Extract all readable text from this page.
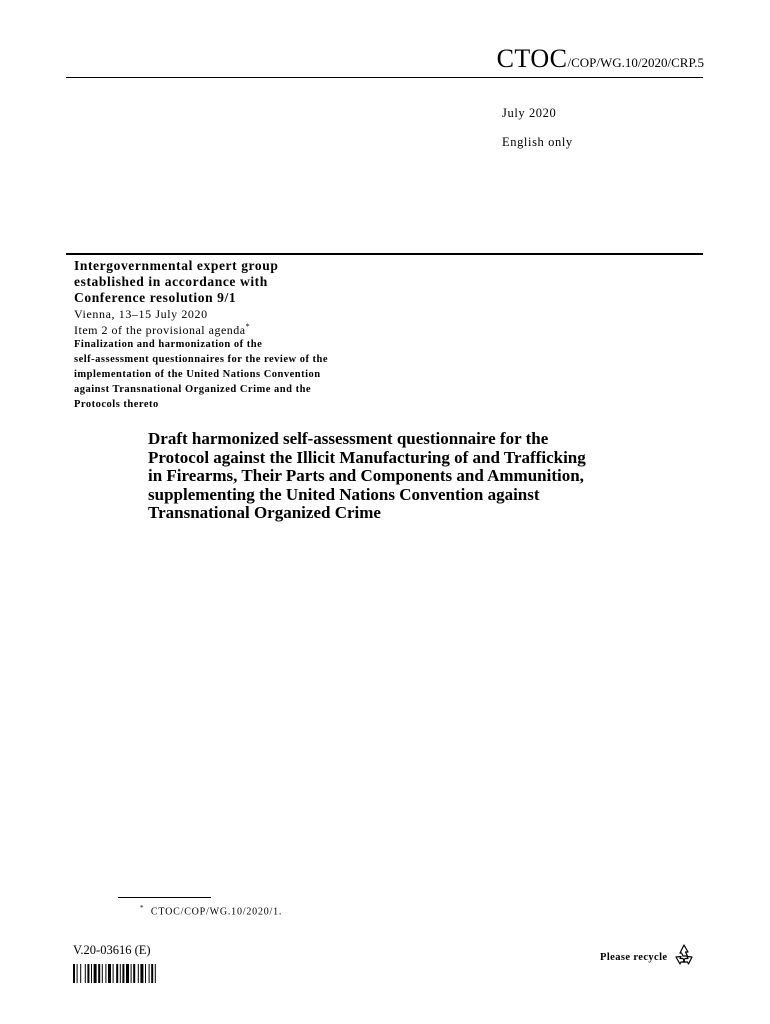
CTOC/COP/WG.10/2020/CRP.5
July 2020
English only
Intergovernmental expert group
established in accordance with
Conference resolution 9/1
Vienna, 13–15 July 2020
Item 2 of the provisional agenda*
Finalization and harmonization of the
self-assessment questionnaires for the review of the
implementation of the United Nations Convention
against Transnational Organized Crime and the
Protocols thereto
Draft harmonized self-assessment questionnaire for the
Protocol against the Illicit Manufacturing of and Trafficking
in Firearms, Their Parts and Components and Ammunition,
supplementing the United Nations Convention against
Transnational Organized Crime
* CTOC/COP/WG.10/2020/1.
V.20-03616 (E)
Please recycle
